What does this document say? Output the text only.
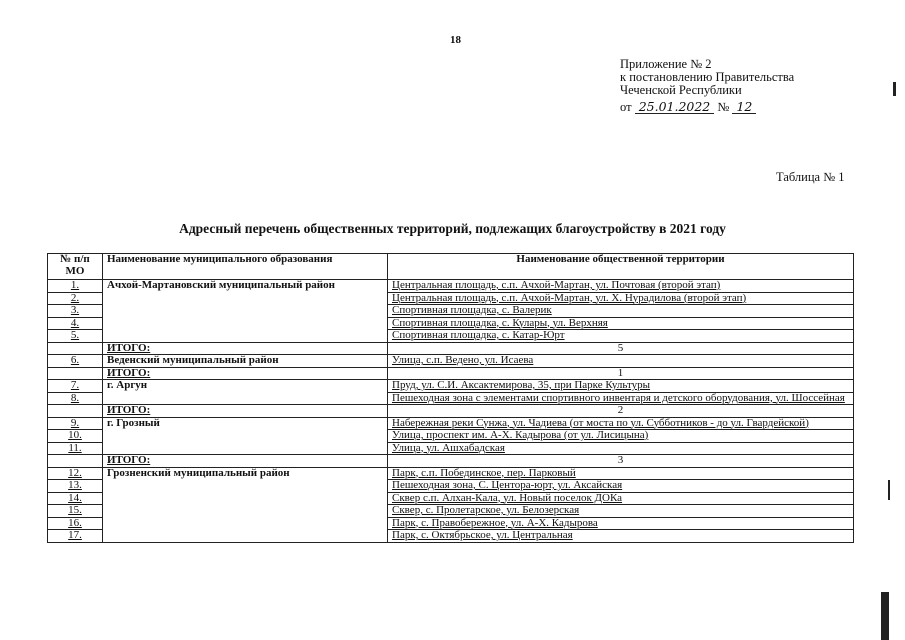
18
Приложение № 2
к постановлению Правительства
Чеченской Республики
от 25.01.2022 № 12
Таблица № 1
Адресный перечень общественных территорий, подлежащих благоустройству в 2021 году
№ п/п МО	Наименование муниципального образования	Наименование общественной территории
1.	Ачхой-Мартановский муниципальный район	Центральная площадь, с.п. Ачхой-Мартан, ул. Почтовая (второй этап)
2.		Центральная площадь, с.п. Ачхой-Мартан, ул. Х. Нурадилова (второй этап)
3.		Спортивная площадка, с. Валерик
4.		Спортивная площадка, с. Кулары, ул. Верхняя
5.		Спортивная площадка, с. Катар-Юрт
	ИТОГО:	5
6.	Веденский муниципальный район	Улица, с.п. Ведено, ул. Исаева
	ИТОГО:	1
7.	г. Аргун	Пруд, ул. С.И. Аксактемирова, 35, при Парке Культуры
8.		Пешеходная зона с элементами спортивного инвентаря и детского оборудования, ул. Шоссейная
	ИТОГО:	2
9.	г. Грозный	Набережная реки Сунжа, ул. Чадиева (от моста по ул. Субботников - до ул. Гвардейской)
10.		Улица, проспект им. А-Х. Кадырова (от ул. Лисицына)
11.		Улица, ул. Ашхабадская
	ИТОГО:	3
12.	Грозненский муниципальный район	Парк, с.п. Побединское, пер. Парковый
13.		Пешеходная зона, С. Центора-юрт, ул. Аксайская
14.		Сквер с.п. Алхан-Кала, ул. Новый поселок ДОКа
15.		Сквер, с. Пролетарское, ул. Белозерская
16.		Парк, с. Правобережное, ул. А-Х. Кадырова
17.		Парк, с. Октябрьское, ул. Центральная
